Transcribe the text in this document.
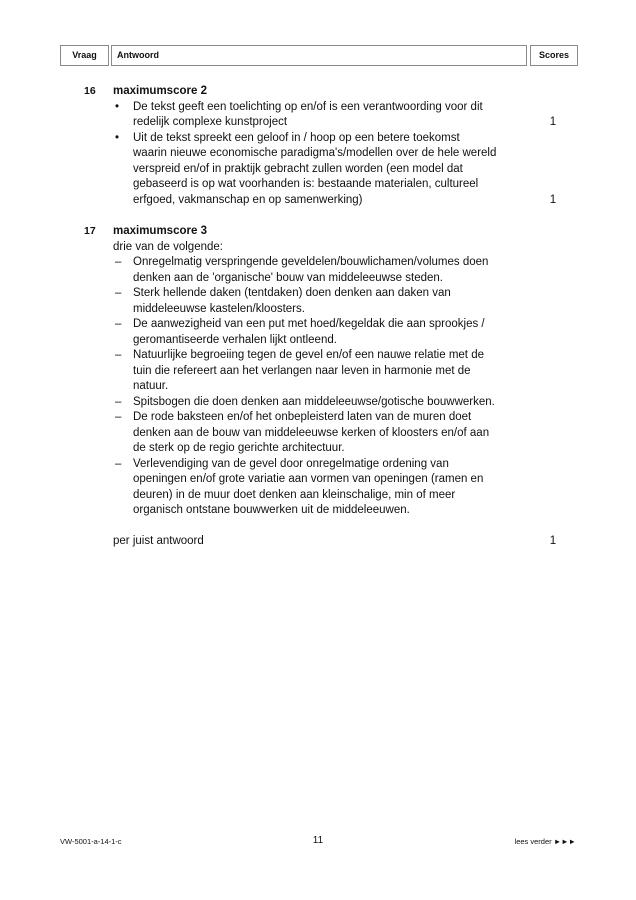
Vraag	Antwoord	Scores
16 maximumscore 2
•	De tekst geeft een toelichting op en/of is een verantwoording voor dit
redelijk complexe kunstproject	1
•	Uit de tekst spreekt een geloof in / hoop op een betere toekomst
waarin nieuwe economische paradigma's/modellen over de hele wereld
verspreid en/of in praktijk gebracht zullen worden (een model dat
gebaseerd is op wat voorhanden is: bestaande materialen, cultureel
erfgoed, vakmanschap en op samenwerking)	1
17 maximumscore 3
drie van de volgende:
–	Onregelmatig verspringende geveldelen/bouwlichamen/volumes doen
denken aan de 'organische' bouw van middeleeuwse steden.
–	Sterk hellende daken (tentdaken) doen denken aan daken van
middeleeuwse kastelen/kloosters.
–	De aanwezigheid van een put met hoed/kegeldak die aan sprookjes /
geromantiseerde verhalen lijkt ontleend.
–	Natuurlijke begroeiing tegen de gevel en/of een nauwe relatie met de
tuin die refereert aan het verlangen naar leven in harmonie met de
natuur.
–	Spitsbogen die doen denken aan middeleeuwse/gotische bouwwerken.
–	De rode baksteen en/of het onbepleisterd laten van de muren doet
denken aan de bouw van middeleeuwse kerken of kloosters en/of aan
de sterk op de regio gerichte architectuur.
–	Verlevendiging van de gevel door onregelmatige ordening van
openingen en/of grote variatie aan vormen van openingen (ramen en
deuren) in de muur doet denken aan kleinschalige, min of meer
organisch ontstane bouwwerken uit de middeleeuwen.
per juist antwoord	1
VW-5001-a-14-1-c	11	lees verder ►►►
